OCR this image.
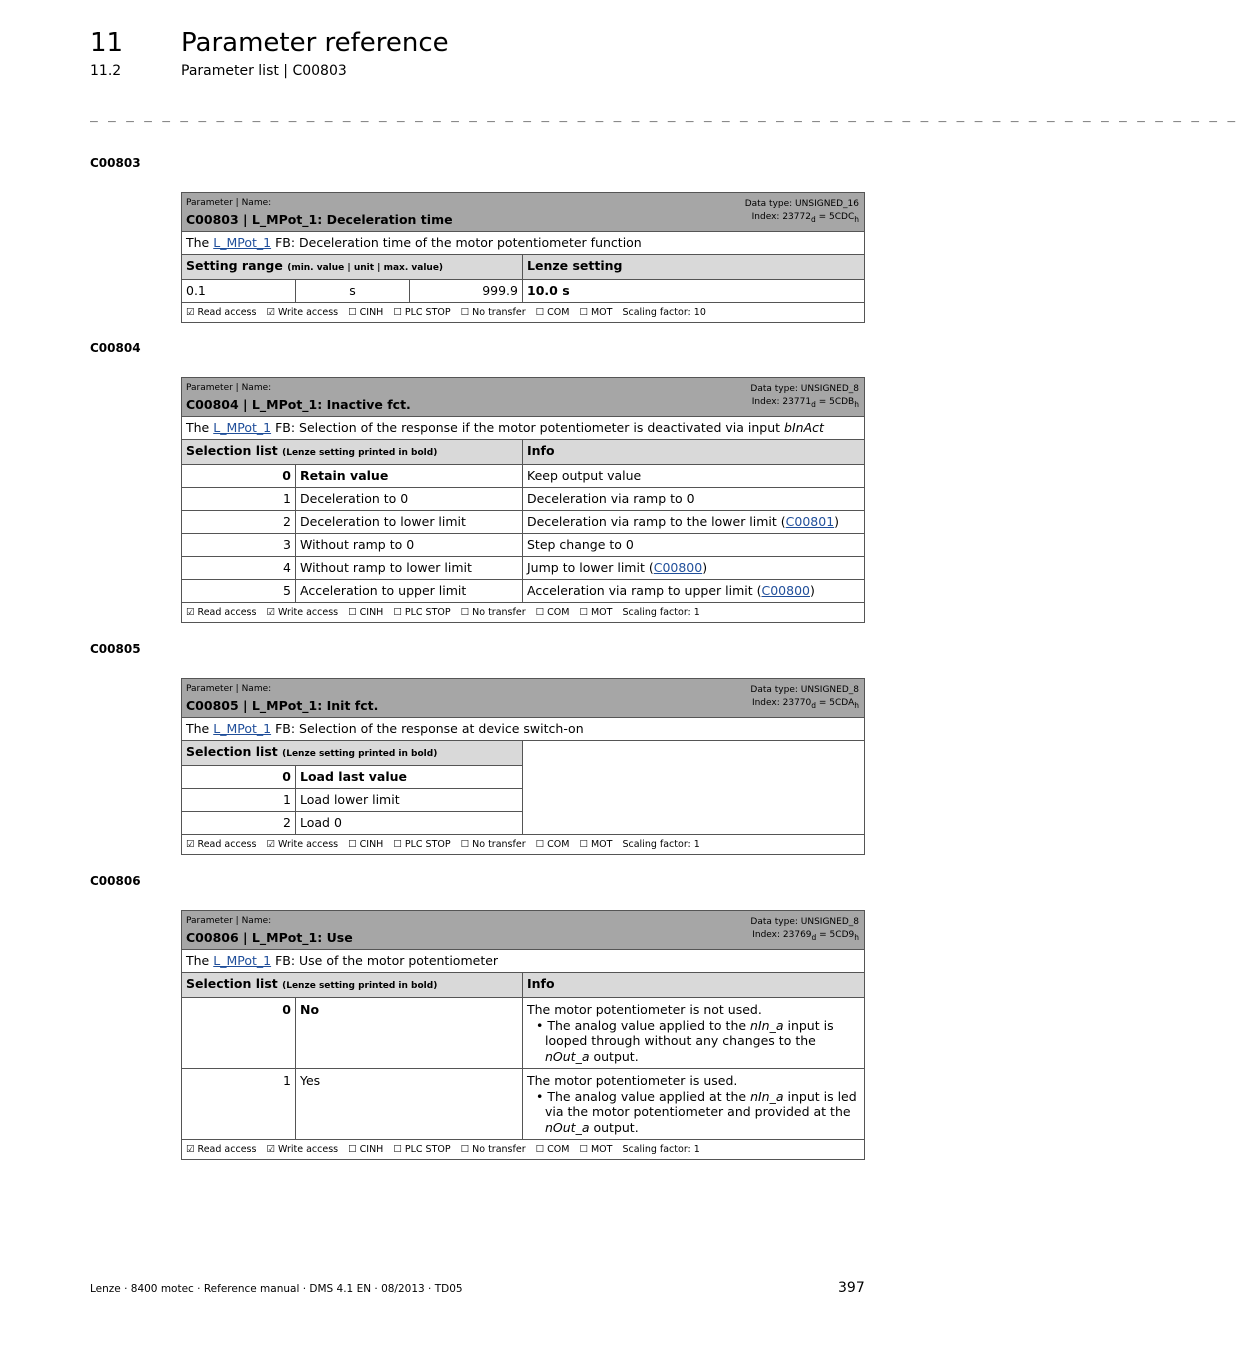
11 Parameter reference
11.2	Parameter list | C00803
_ _ _ _ _ _ _ _ _ _ _ _ _ _ _ _ _ _ _ _ _ _ _ _ _ _ _ _ _ _ _ _ _ _ _ _ _ _ _ _ _ _ _ _ _ _ _ _ _ _ _ _ _ _ _ _ _ _ _ _ _ _ _ _
C00803
Parameter | Name:
C00803 | L_MPot_1: Deceleration time
Data type: UNSIGNED_16
Index: $23772_d = 5CDC_h$

The L_MPot_1 FB: Deceleration time of the motor potentiometer function			
Setting range (min. value | unit | max. value)			Lenze setting
0.1	s	999.9	10.0 s
☑ Read access ☑ Write access ☐ CINH ☐ PLC STOP ☐ No transfer ☐ COM ☐ MOT Scaling factor: 10			
C00804
Parameter | Name:
C00804 | L_MPot_1: Inactive fct.
Data type: UNSIGNED_8
Index: $23771_d = 5CDB_h$

The L_MPot_1 FB: Selection of the response if the motor potentiometer is deactivated via input bInAct		
Selection list (Lenze setting printed in bold)		Info
0	Retain value	Keep output value
1	Deceleration to 0	Deceleration via ramp to 0
2	Deceleration to lower limit	Deceleration via ramp to the lower limit (C00801)
3	Without ramp to 0	Step change to 0
4	Without ramp to lower limit	Jump to lower limit (C00800)
5	Acceleration to upper limit	Acceleration via ramp to upper limit (C00800)
☑ Read access ☑ Write access ☐ CINH ☐ PLC STOP ☐ No transfer ☐ COM ☐ MOT Scaling factor: 1		
C00805
Parameter | Name:
C00805 | L_MPot_1: Init fct.
Data type: UNSIGNED_8
Index: $23770_d = 5CDA_h$

The L_MPot_1 FB: Selection of the response at device switch-on		
Selection list (Lenze setting printed in bold)		
0	Load last value	
1	Load lower limit	
2	Load 0	
☑ Read access ☑ Write access ☐ CINH ☐ PLC STOP ☐ No transfer ☐ COM ☐ MOT Scaling factor: 1		
C00806
Parameter | Name:
C00806 | L_MPot_1: Use
Data type: UNSIGNED_8
Index: $23769_d = 5CD9_h$

The L_MPot_1 FB: Use of the motor potentiometer		
Selection list (Lenze setting printed in bold)		Info
0	No	The motor potentiometer is not used.
• The analog value applied to the nIn_a input is looped through without any changes to the nOut_a output.

1	Yes	The motor potentiometer is used.
• The analog value applied at the nIn_a input is led via the motor potentiometer and provided at the nOut_a output.

☑ Read access ☑ Write access ☐ CINH ☐ PLC STOP ☐ No transfer ☐ COM ☐ MOT Scaling factor: 1		
Lenze · 8400 motec · Reference manual · DMS 4.1 EN · 08/2013 · TD05	397
